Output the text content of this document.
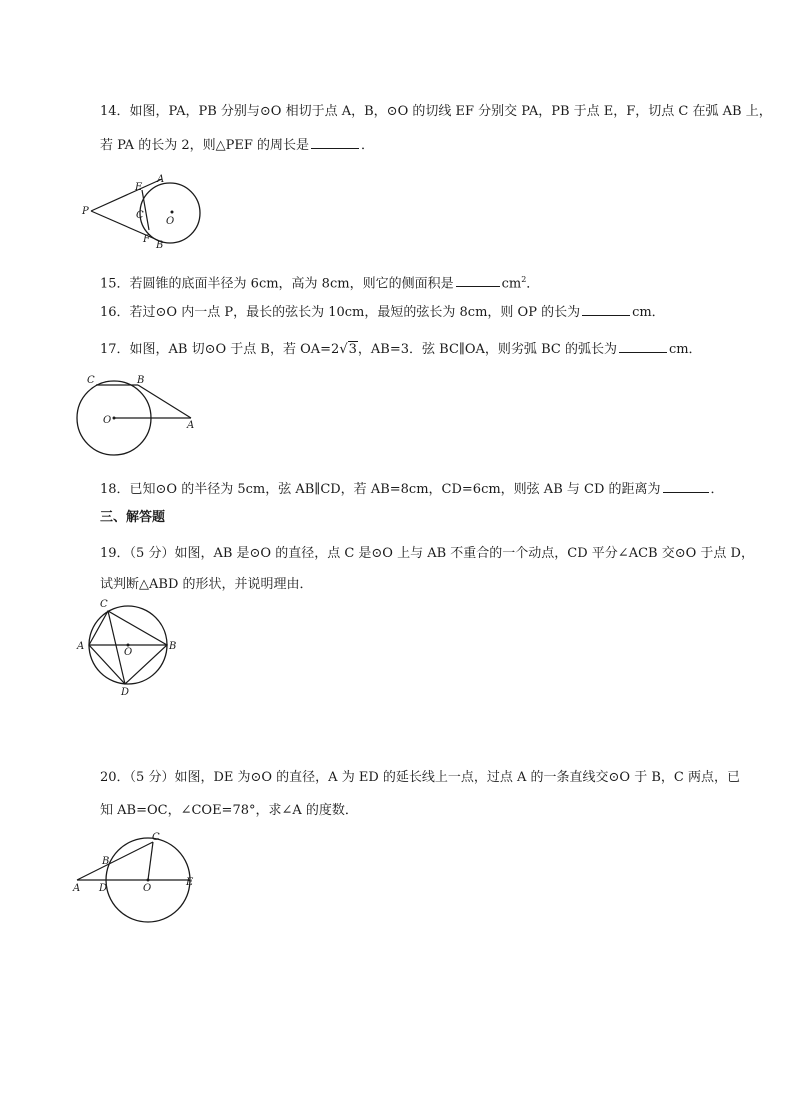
14．如图，PA，PB 分别与⊙O 相切于点 A，B，⊙O 的切线 EF 分别交 PA，PB 于点 E，F，切点 C 在弧 AB 上，
若 PA 的长为 2，则△PEF 的周长是	．
P
A
E
C
O
F
B
15．若圆锥的底面半径为 6cm，高为 8cm，则它的侧面积是	$cm^2$．
16．若过⊙O 内一点 P，最长的弦长为 10cm，最短的弦长为 8cm，则 OP 的长为	cm．
17．如图，AB 切⊙O 于点 B，若 OA=2√3，AB=3．弦 BC∥OA，则劣弧 BC 的弧长为	cm．
C	B
O	A
18．已知⊙O 的半径为 5cm，弦 AB∥CD，若 AB=8cm，CD=6cm，则弦 AB 与 CD 的距离为	．
三、解答题
19．（5 分）如图，AB 是⊙O 的直径，点 C 是⊙O 上与 AB 不重合的一个动点，CD 平分∠ACB 交⊙O 于点 D，
试判断△ABD 的形状，并说明理由．
C
A
O
B
D
20．（5 分）如图，DE 为⊙O 的直径，A 为 ED 的延长线上一点，过点 A 的一条直线交⊙O 于 B，C 两点，已
知 AB=OC，∠COE=78°，求∠A 的度数．
C
B
A D	O
E
